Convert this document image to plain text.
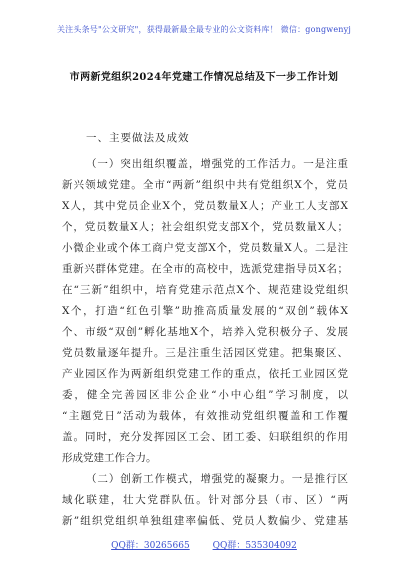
关注头条号"公文研究"，获得最新最全最专业的公文资料库！ 微信：gongwenyj
市两新党组织2024年党建工作情况总结及下一步工作计划
一、主要做法及成效
（一）突出组织覆盖，增强党的工作活力。一是注重
新兴领域党建。全市“两新”组织中共有党组织X个，党员
X人，其中党员企业X个，党员数量X人；产业工人支部X
个，党员数量X人；社会组织党支部X个，党员数量X人；
小微企业或个体工商户党支部X个，党员数量X人。二是注
重新兴群体党建。在全市的高校中，选派党建指导员X名；
在“三新”组织中，培育党建示范点X个、规范建设党组织
X个，打造“红色引擎”助推高质量发展的“双创”载体X
个、市级“双创”孵化基地X个，培养入党积极分子、发展
党员数量逐年提升。三是注重生活园区党建。把集聚区、
产业园区作为两新组织党建工作的重点，依托工业园区党
委，健全完善园区非公企业“小中心组”学习制度，以
“主题党日”活动为载体，有效推动党组织覆盖和工作覆
盖。同时，充分发挥园区工会、团工委、妇联组织的作用
形成党建工作合力。
（二）创新工作模式，增强党的凝聚力。一是推行区
域化联建，壮大党群队伍。针对部分县（市、区）“两
新”组织党组织单独组建率偏低、党员人数偏少、党建基
QQ群：30265665	QQ群：535304092
